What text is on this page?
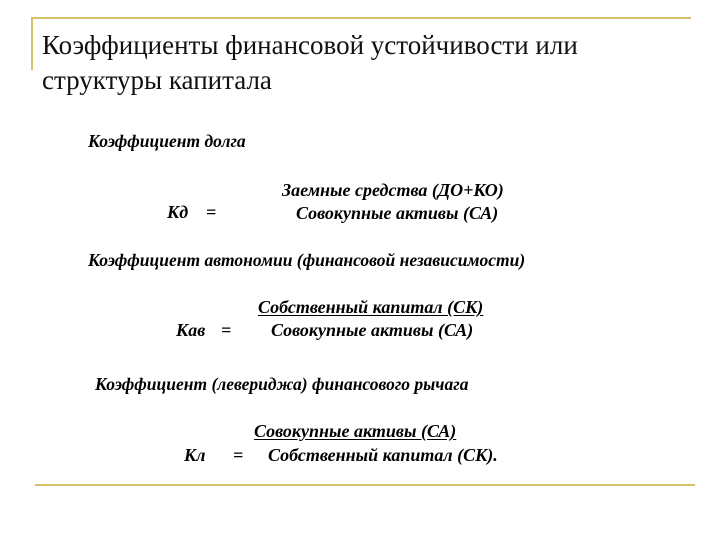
Коэффициенты финансовой устойчивости или
структуры капитала
Коэффициент долга
Заемные средства (ДО+КО)
Кд =	Совокупные активы (СА)
Коэффициент автономии (финансовой независимости)
Собственный капитал (СК)
Кав = Совокупные активы (СА)
Коэффициент (левериджа) финансового рычага
Совокупные активы (СА)
Кл = Собственный капитал (СК).
